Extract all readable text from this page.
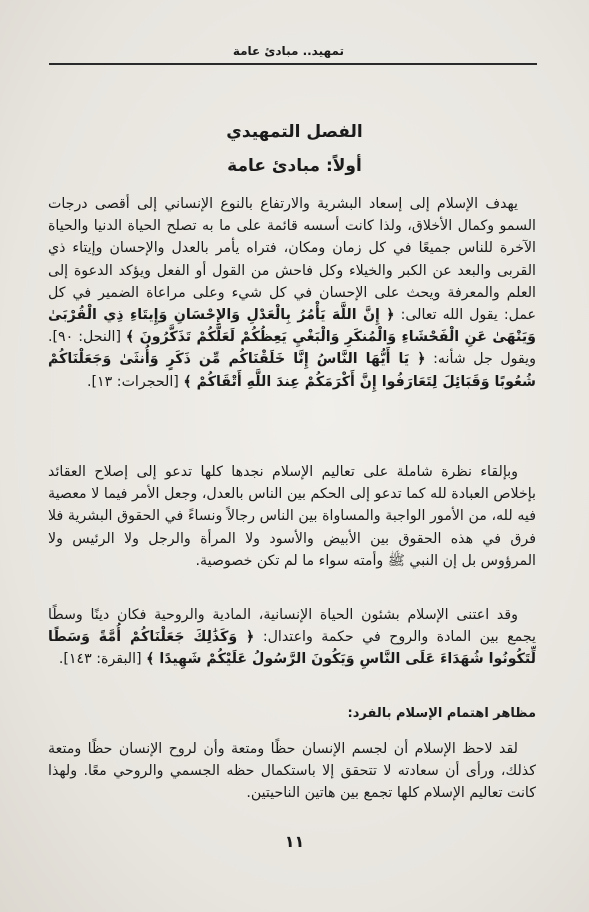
تمهيد.. مبادئ عامة
الفصل التمهيدي
أولاً: مبادئ عامة

يهدف الإسلام إلى إسعاد البشرية والارتفاع بالنوع الإنساني إلى أقصى درجات السمو وكمال الأخلاق، ولذا كانت أسسه قائمة على ما به تصلح الحياة الدنيا والحياة الآخرة للناس جميعًا في كل زمان ومكان، فتراه يأمر بالعدل والإحسان وإيتاء ذي القربى والبعد عن الكبر والخيلاء وكل فاحش من القول أو الفعل ويؤكد الدعوة إلى العلم والمعرفة ويحث على الإحسان في كل شيء وعلى مراعاة الضمير في كل عمل: يقول الله تعالى: ﴿ إِنَّ اللَّهَ يَأْمُرُ بِالْعَدْلِ وَالإِحْسَانِ وَإِيتَاءِ ذِي الْقُرْبَىٰ وَيَنْهَىٰ عَنِ الْفَحْشَاءِ وَالْمُنكَرِ وَالْبَغْيِ يَعِظُكُمْ لَعَلَّكُمْ تَذَكَّرُونَ ﴾ [النحل: ٩٠]. ويقول جل شأنه: ﴿ يَا أَيُّهَا النَّاسُ إِنَّا خَلَقْنَاكُم مِّن ذَكَرٍ وَأُنثَىٰ وَجَعَلْنَاكُمْ شُعُوبًا وَقَبَائِلَ لِتَعَارَفُوا إِنَّ أَكْرَمَكُمْ عِندَ اللَّهِ أَتْقَاكُمْ ﴾ [الحجرات: ١٣].

وبإلقاء نظرة شاملة على تعاليم الإسلام نجدها كلها تدعو إلى إصلاح العقائد بإخلاص العبادة لله كما تدعو إلى الحكم بين الناس بالعدل، وجعل الأمر فيما لا معصية فيه لله، من الأمور الواجبة والمساواة بين الناس رجالاً ونساءً في الحقوق البشرية فلا فرق في هذه الحقوق بين الأبيض والأسود ولا المرأة والرجل ولا الرئيس ولا المرؤوس بل إن النبي ﷺ وأمته سواء ما لم تكن خصوصية.

وقد اعتنى الإسلام بشئون الحياة الإنسانية، المادية والروحية فكان دينًا وسطًا يجمع بين المادة والروح في حكمة واعتدال: ﴿ وَكَذَٰلِكَ جَعَلْنَاكُمْ أُمَّةً وَسَطًا لِّتَكُونُوا شُهَدَاءَ عَلَى النَّاسِ وَيَكُونَ الرَّسُولُ عَلَيْكُمْ شَهِيدًا ﴾ [البقرة: ١٤٣].

مظاهر اهتمام الإسلام بالفرد:

لقد لاحظ الإسلام أن لجسم الإنسان حظًا ومتعة وأن لروح الإنسان حظًا ومتعة كذلك، ورأى أن سعادته لا تتحقق إلا باستكمال حظه الجسمي والروحي معًا. ولهذا كانت تعاليم الإسلام كلها تجمع بين هاتين الناحيتين.

١١
